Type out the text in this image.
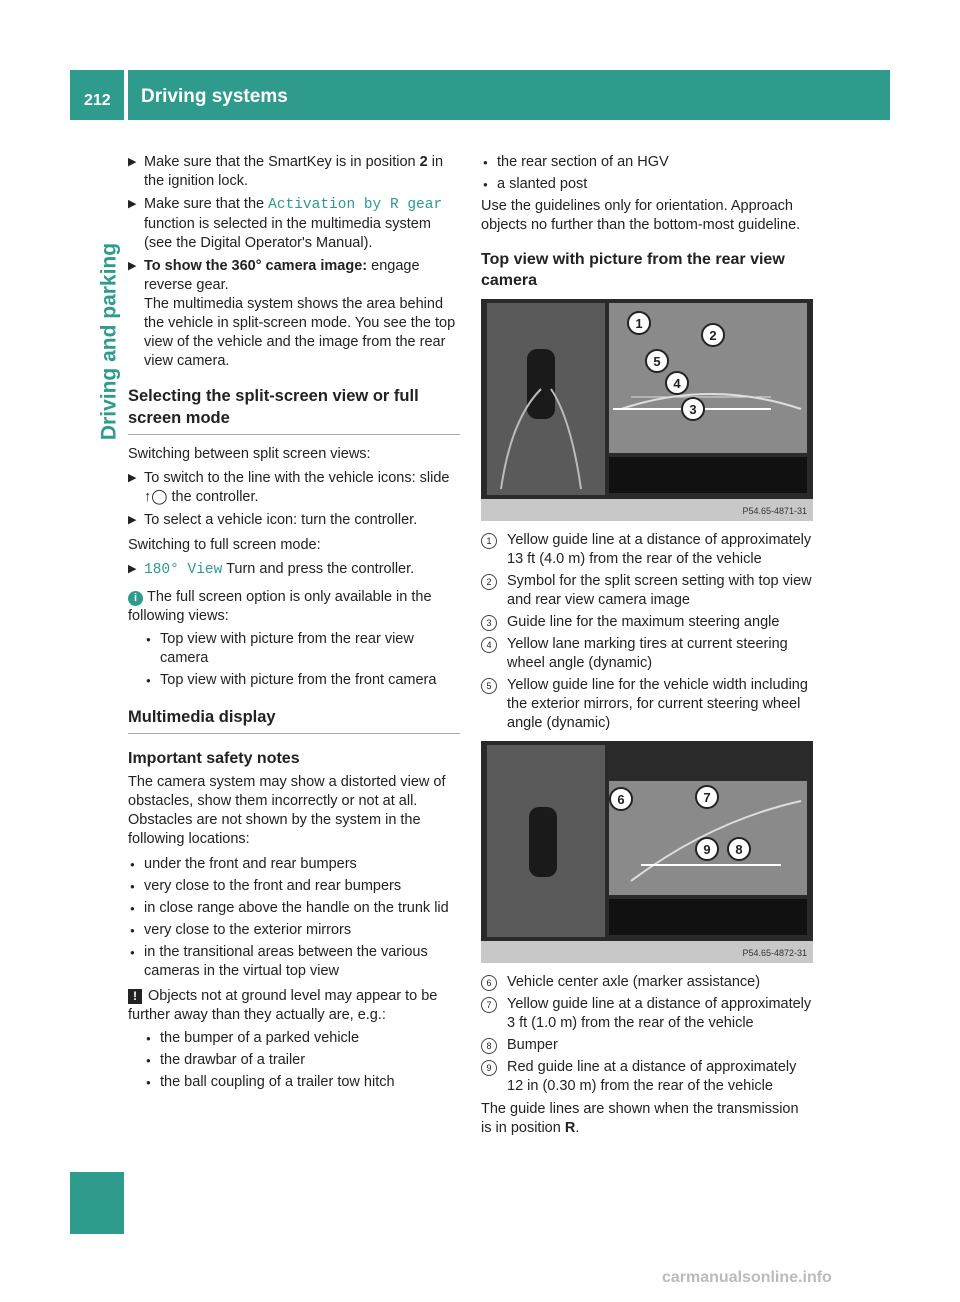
212 Driving systems
Driving and parking

▶ Make sure that the SmartKey is in position 2 in the ignition lock.

▶ Make sure that the Activation by R gear function is selected in the multimedia system (see the Digital Operator's Manual).

▶ To show the 360° camera image: engage reverse gear.
The multimedia system shows the area behind the vehicle in split-screen mode. You see the top view of the vehicle and the image from the rear view camera.

Selecting the split-screen view or full screen mode

Switching between split screen views:

▶ To switch to the line with the vehicle icons: slide ↑◯ the controller.

▶ To select a vehicle icon: turn the controller.

Switching to full screen mode:

▶ 180° View Turn and press the controller.

i The full screen option is only available in the following views:

● Top view with picture from the rear view camera

● Top view with picture from the front camera

Multimedia display
Important safety notes

The camera system may show a distorted view of obstacles, show them incorrectly or not at all. Obstacles are not shown by the system in the following locations:

● under the front and rear bumpers

● very close to the front and rear bumpers

● in close range above the handle on the trunk lid

● very close to the exterior mirrors

● in the transitional areas between the various cameras in the virtual top view

! Objects not at ground level may appear to be further away than they actually are, e.g.:

● the bumper of a parked vehicle

● the drawbar of a trailer

● the ball coupling of a trailer tow hitch

● the rear section of an HGV

● a slanted post

Use the guidelines only for orientation. Approach objects no further than the bottom-most guideline.

Top view with picture from the rear view camera
1
2
3
4
5
P54.65-4871-31
1	Yellow guide line at a distance of approximately 13 ft (4.0 m) from the rear of the vehicle
2	Symbol for the split screen setting with top view and rear view camera image
3	Guide line for the maximum steering angle
4	Yellow lane marking tires at current steering wheel angle (dynamic)
5	Yellow guide line for the vehicle width including the exterior mirrors, for current steering wheel angle (dynamic)
6	7
8
9
P54.65-4872-31
6	Vehicle center axle (marker assistance)
7	Yellow guide line at a distance of approximately 3 ft (1.0 m) from the rear of the vehicle
8	Bumper
9	Red guide line at a distance of approximately 12 in (0.30 m) from the rear of the vehicle

The guide lines are shown when the transmission is in position R.

carmanualsonline.info
